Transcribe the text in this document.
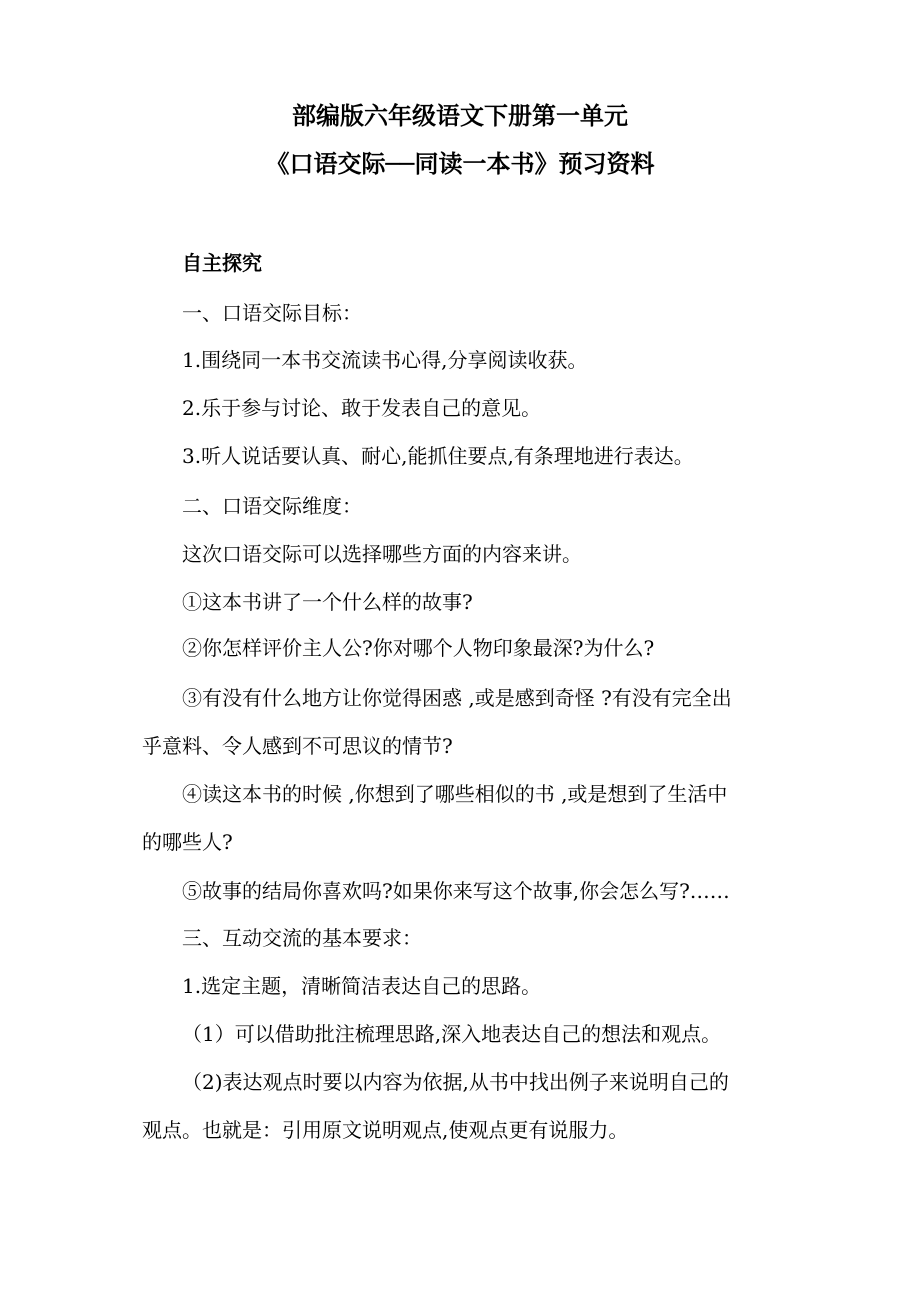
部编版六年级语文下册第一单元
《口语交际──同读一本书》预习资料
自主探究
一、口语交际目标：
1.围绕同一本书交流读书心得,分享阅读收获。
2.乐于参与讨论、敢于发表自己的意见。
3.听人说话要认真、耐心,能抓住要点,有条理地进行表达。
二、口语交际维度：
这次口语交际可以选择哪些方面的内容来讲。
①这本书讲了一个什么样的故事?
②你怎样评价主人公?你对哪个人物印象最深?为什么?
③有没有什么地方让你觉得困惑 ,或是感到奇怪 ?有没有完全出
乎意料、令人感到不可思议的情节?
④读这本书的时候 ,你想到了哪些相似的书 ,或是想到了生活中
的哪些人?
⑤故事的结局你喜欢吗?如果你来写这个故事,你会怎么写?……
三、互动交流的基本要求：
1.选定主题，清晰简洁表达自己的思路。
（1）可以借助批注梳理思路,深入地表达自己的想法和观点。
（2)表达观点时要以内容为依据,从书中找出例子来说明自己的
观点。也就是：引用原文说明观点,使观点更有说服力。
